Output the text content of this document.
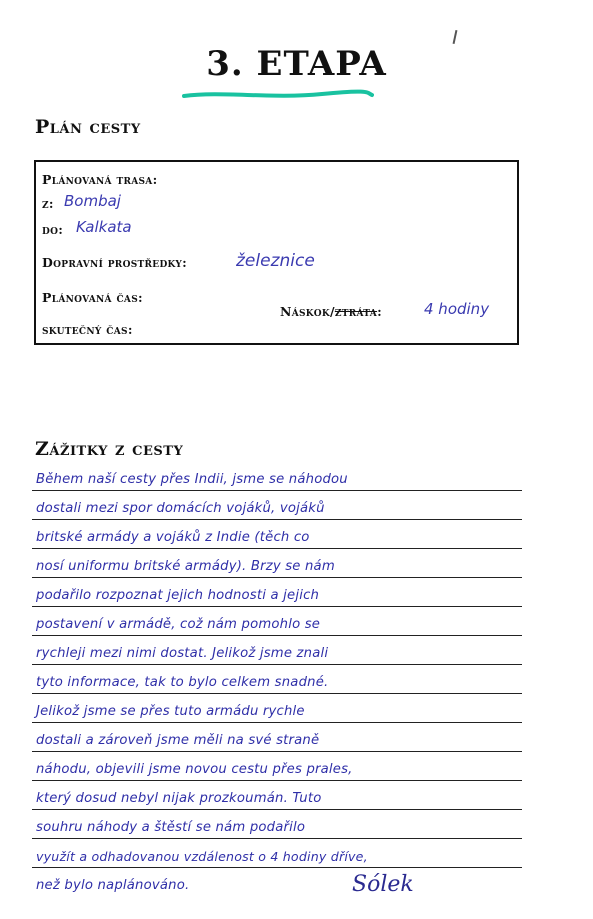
3. ETAPA
Plán cesty
Plánovaná trasa:
z: Bombaj
do: Kalkata
Dopravní prostředky:	železnice
Plánovaná čas:
Náskok/ztráta:	4 hodiny
skutečný čas:
Zážitky z cesty
Během naší cesty přes Indii, jsme se náhodou
dostali mezi spor domácích vojáků, vojáků
britské armády a vojáků z Indie (těch co
nosí uniformu britské armády). Brzy se nám
podařilo rozpoznat jejich hodnosti a jejich
postavení v armádě, což nám pomohlo se
rychleji mezi nimi dostat. Jelikož jsme znali
tyto informace, tak to bylo celkem snadné.
Jelikož jsme se přes tuto armádu rychle
dostali a zároveň jsme měli na své straně
náhodu, objevili jsme novou cestu přes prales,
který dosud nebyl nijak prozkoumán. Tuto
souhru náhody a štěstí se nám podařilo
využít a odhadovanou vzdálenost o 4 hodiny dříve,
než bylo naplánováno.	Sólek
